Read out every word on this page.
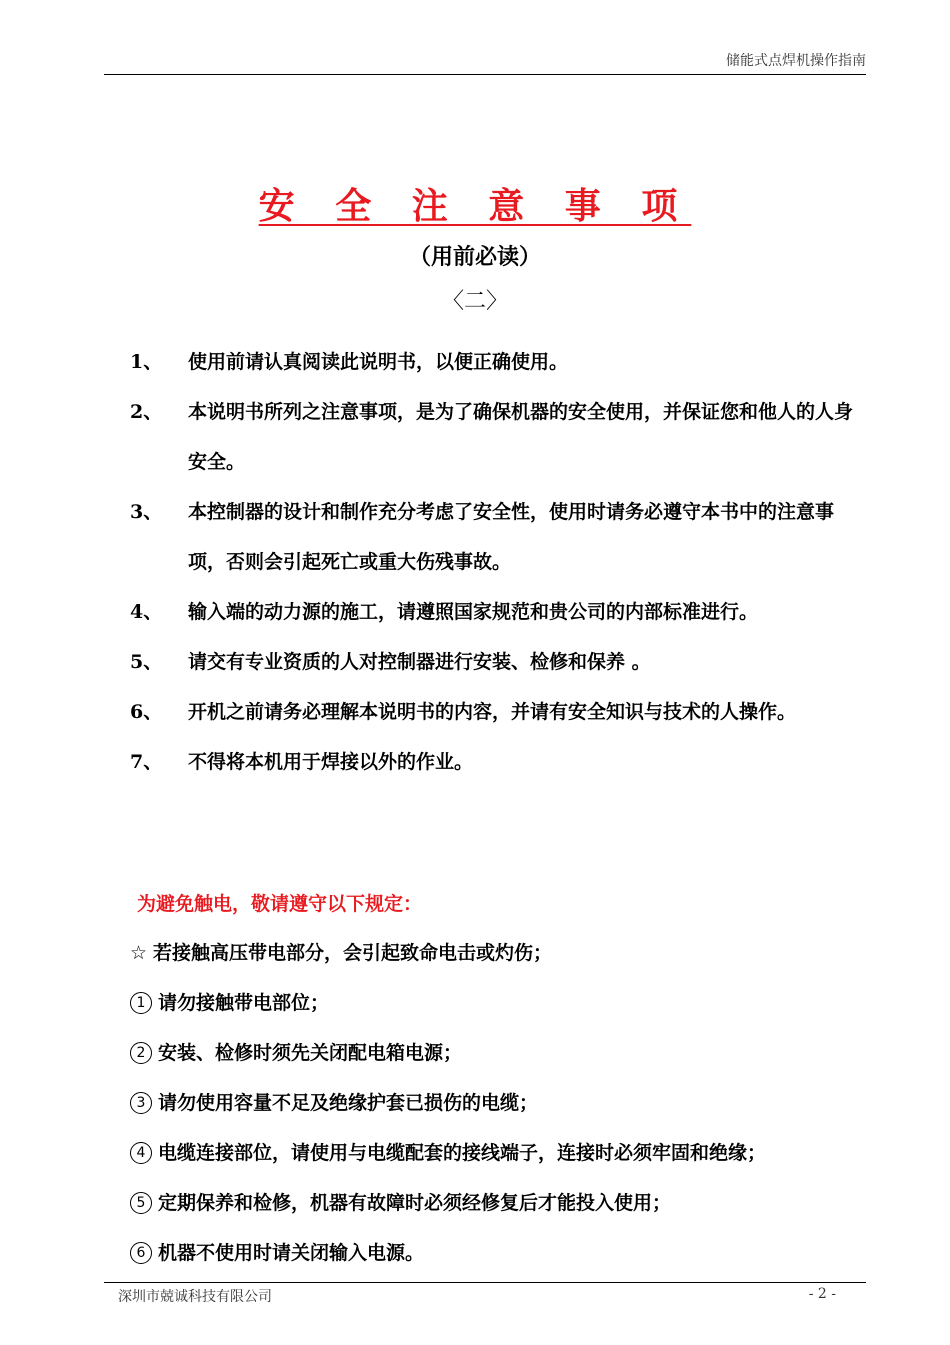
储能式点焊机操作指南
安 全 注 意 事 项
（用前必读）
〈二〉
1、	使用前请认真阅读此说明书，以便正确使用。
2、	本说明书所列之注意事项，是为了确保机器的安全使用，并保证您和他人的人身安全。
3、	本控制器的设计和制作充分考虑了安全性，使用时请务必遵守本书中的注意事项，否则会引起死亡或重大伤残事故。
4、	输入端的动力源的施工，请遵照国家规范和贵公司的内部标准进行。
5、	请交有专业资质的人对控制器进行安装、检修和保养 。
6、	开机之前请务必理解本说明书的内容，并请有安全知识与技术的人操作。
7、	不得将本机用于焊接以外的作业。
为避免触电，敬请遵守以下规定：
☆ 若接触高压带电部分，会引起致命电击或灼伤；
1 请勿接触带电部位；
2 安装、检修时须先关闭配电箱电源；
3 请勿使用容量不足及绝缘护套已损伤的电缆；
4 电缆连接部位，请使用与电缆配套的接线端子，连接时必须牢固和绝缘；
5 定期保养和检修，机器有故障时必须经修复后才能投入使用；
6 机器不使用时请关闭输入电源。
深圳市兢诚科技有限公司	- 2 -
